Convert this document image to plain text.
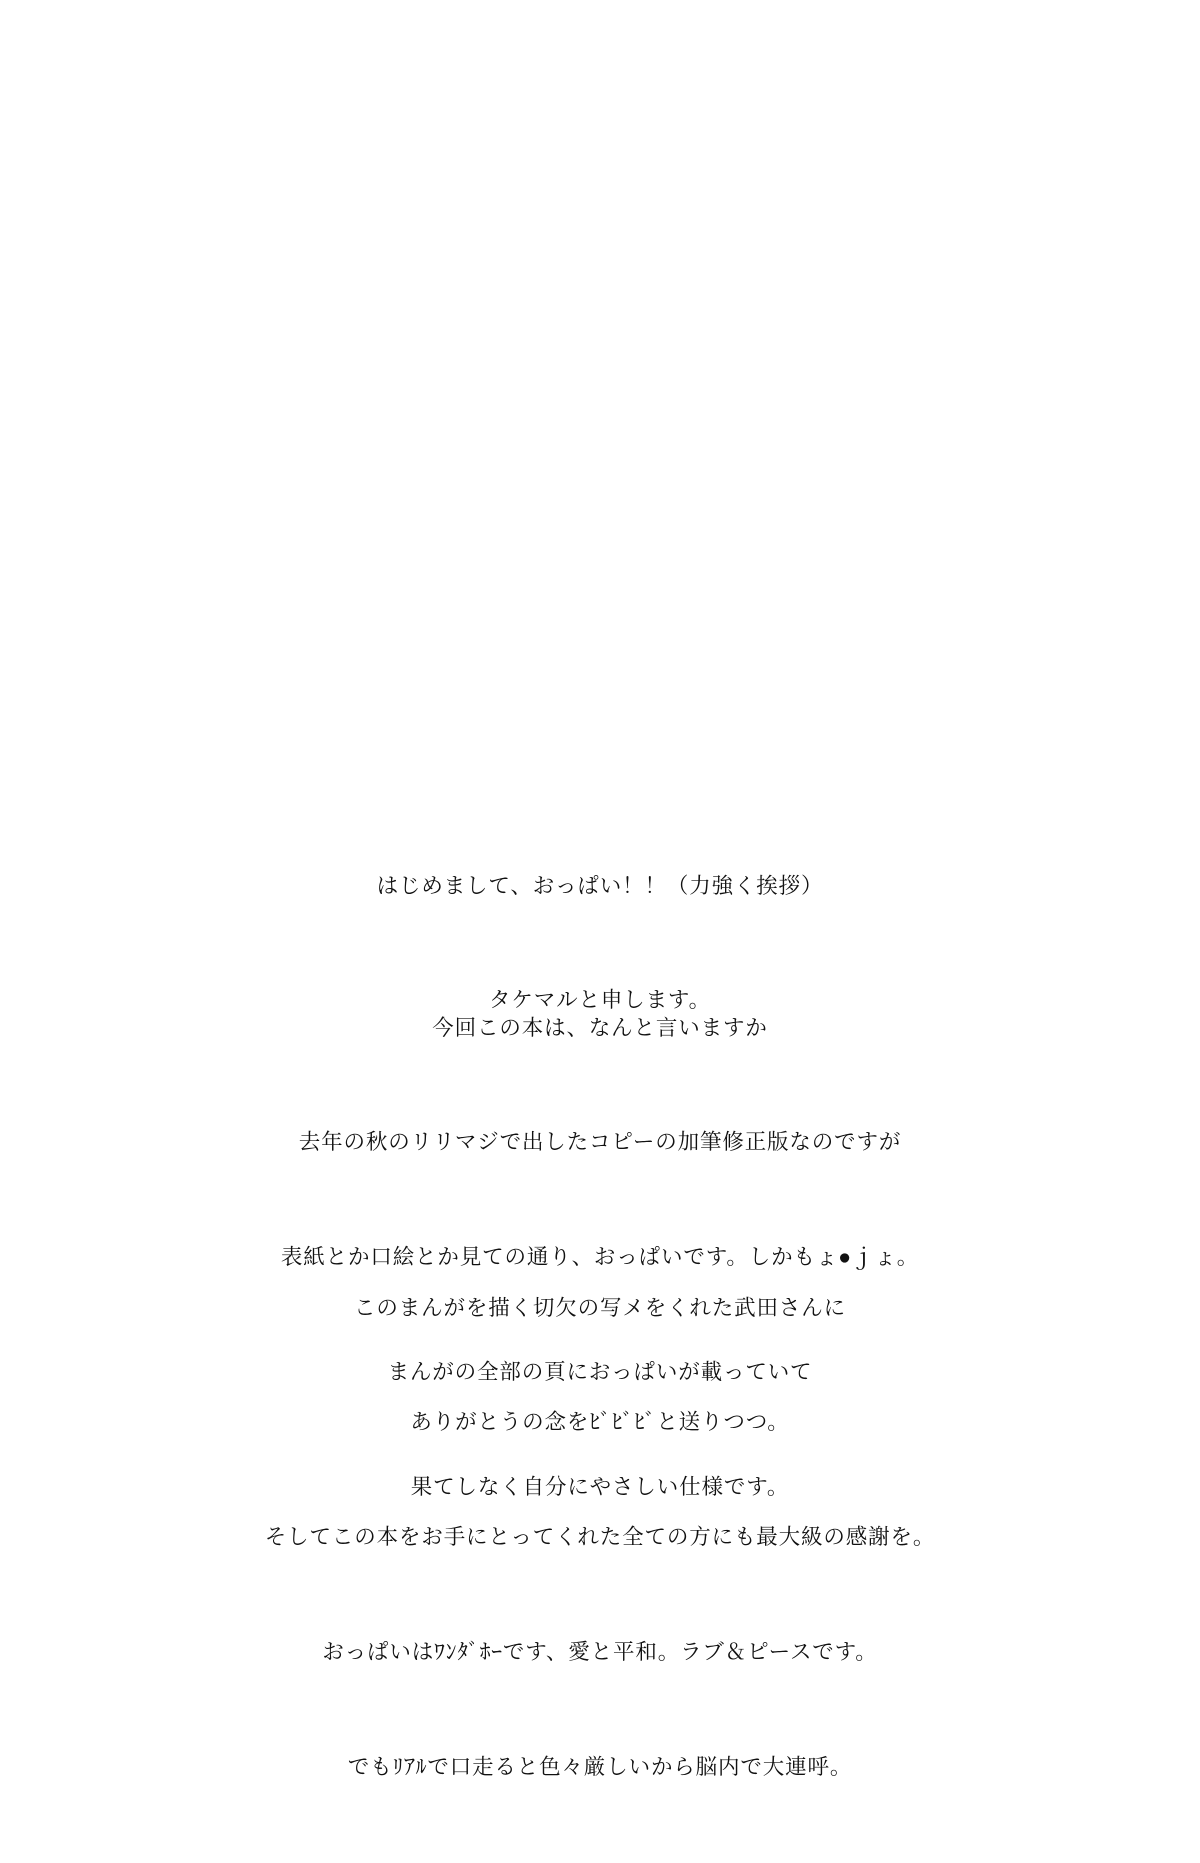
はじめまして、おっぱい！！（力強く挨拶）

タケマルと申します。

今回この本は、なんと言いますか

去年の秋のリリマジで出したコピーの加筆修正版なのですが

表紙とか口絵とか見ての通り、おっぱいです。しかもょ●ｊょ。

まんがの全部の頁におっぱいが載っていて

果てしなく自分にやさしい仕様です。

このまんがを描く切欠の写メをくれた武田さんに

ありがとうの念をﾋﾞﾋﾞﾋﾞと送りつつ。

そしてこの本をお手にとってくれた全ての方にも最大級の感謝を。

おっぱいはﾜﾝﾀﾞﾎｰです、愛と平和。ラブ＆ピースです。

でもﾘｱﾙで口走ると色々厳しいから脳内で大連呼。
